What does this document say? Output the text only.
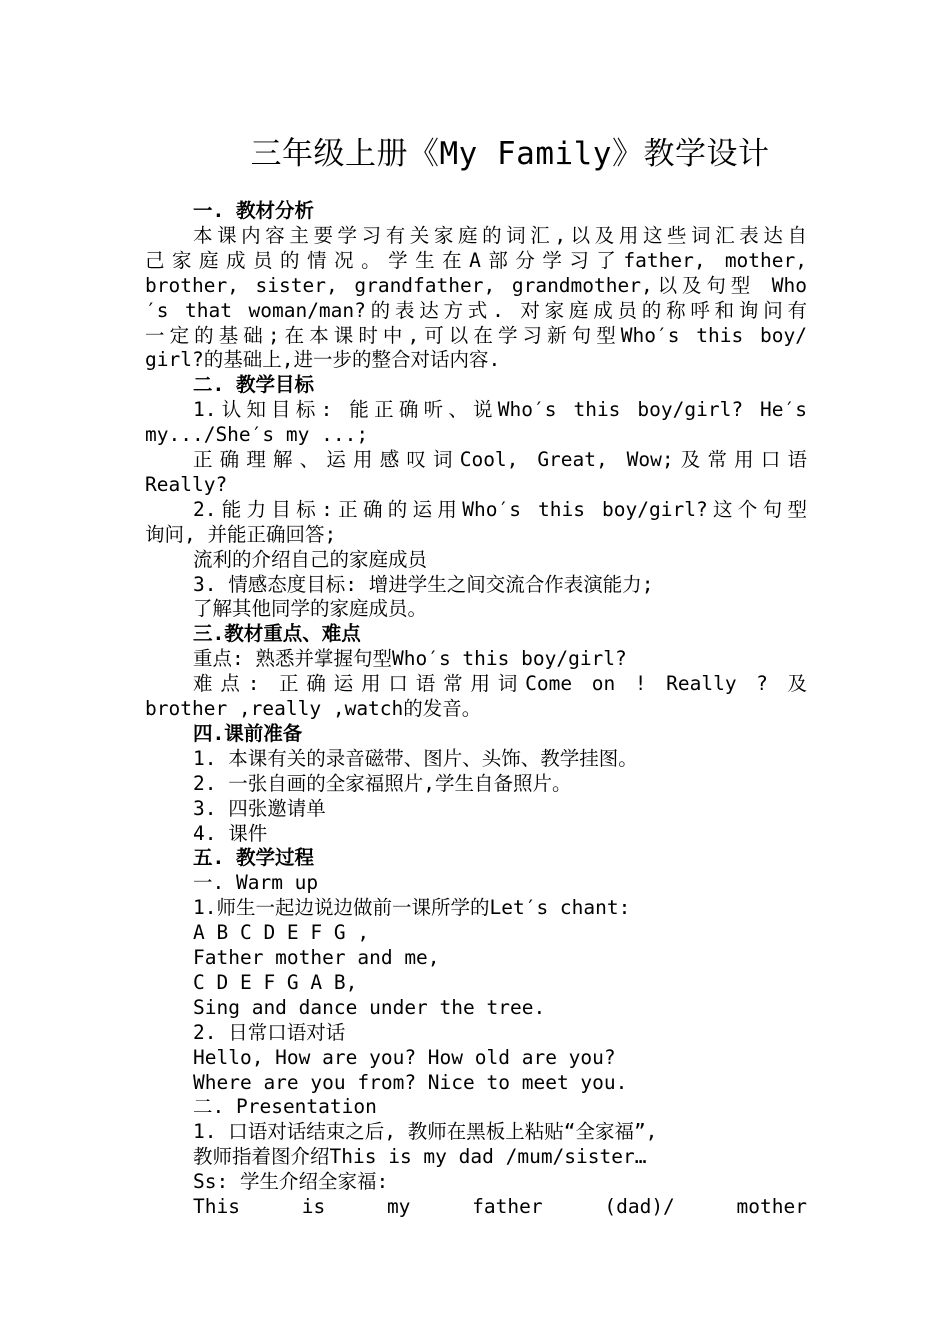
三年级上册《My Family》教学设计
一. 教材分析
本课内容主要学习有关家庭的词汇,以及用这些词汇表达自
己家庭成员的情况。学生在A部分学习了father, mother,
brother, sister, grandfather, grandmother,以及句型 Who
′s that woman/man?的表达方式. 对家庭成员的称呼和询问有
一定的基础;在本课时中,可以在学习新句型Who′s this boy/
girl?的基础上,进一步的整合对话内容.
二. 教学目标
1.认知目标: 能正确听、说Who′s this boy/girl? He′s
my.../She′s my ...;
正确理解、运用感叹词Cool, Great, Wow;及常用口语
Really?
2.能力目标:正确的运用Who′s this boy/girl?这个句型
询问, 并能正确回答;
流利的介绍自己的家庭成员
3. 情感态度目标: 增进学生之间交流合作表演能力;
了解其他同学的家庭成员。
三.教材重点、难点
重点: 熟悉并掌握句型Who′s this boy/girl?
难点: 正确运用口语常用词Come on ! Really ? 及
brother ,really ,watch的发音。
四.课前准备
1. 本课有关的录音磁带、图片、头饰、教学挂图。
2. 一张自画的全家福照片,学生自备照片。
3. 四张邀请单
4. 课件
五. 教学过程
一. Warm up
1.师生一起边说边做前一课所学的Let′s chant:
A B C D E F G ,
Father mother and me,
C D E F G A B,
Sing and dance under the tree.
2. 日常口语对话
Hello, How are you? How old are you?
Where are you from? Nice to meet you.
二. Presentation
1. 口语对话结束之后, 教师在黑板上粘贴“全家福”,
教师指着图介绍This is my dad /mum/sister…
Ss: 学生介绍全家福:
This is my father (dad)/ mother
